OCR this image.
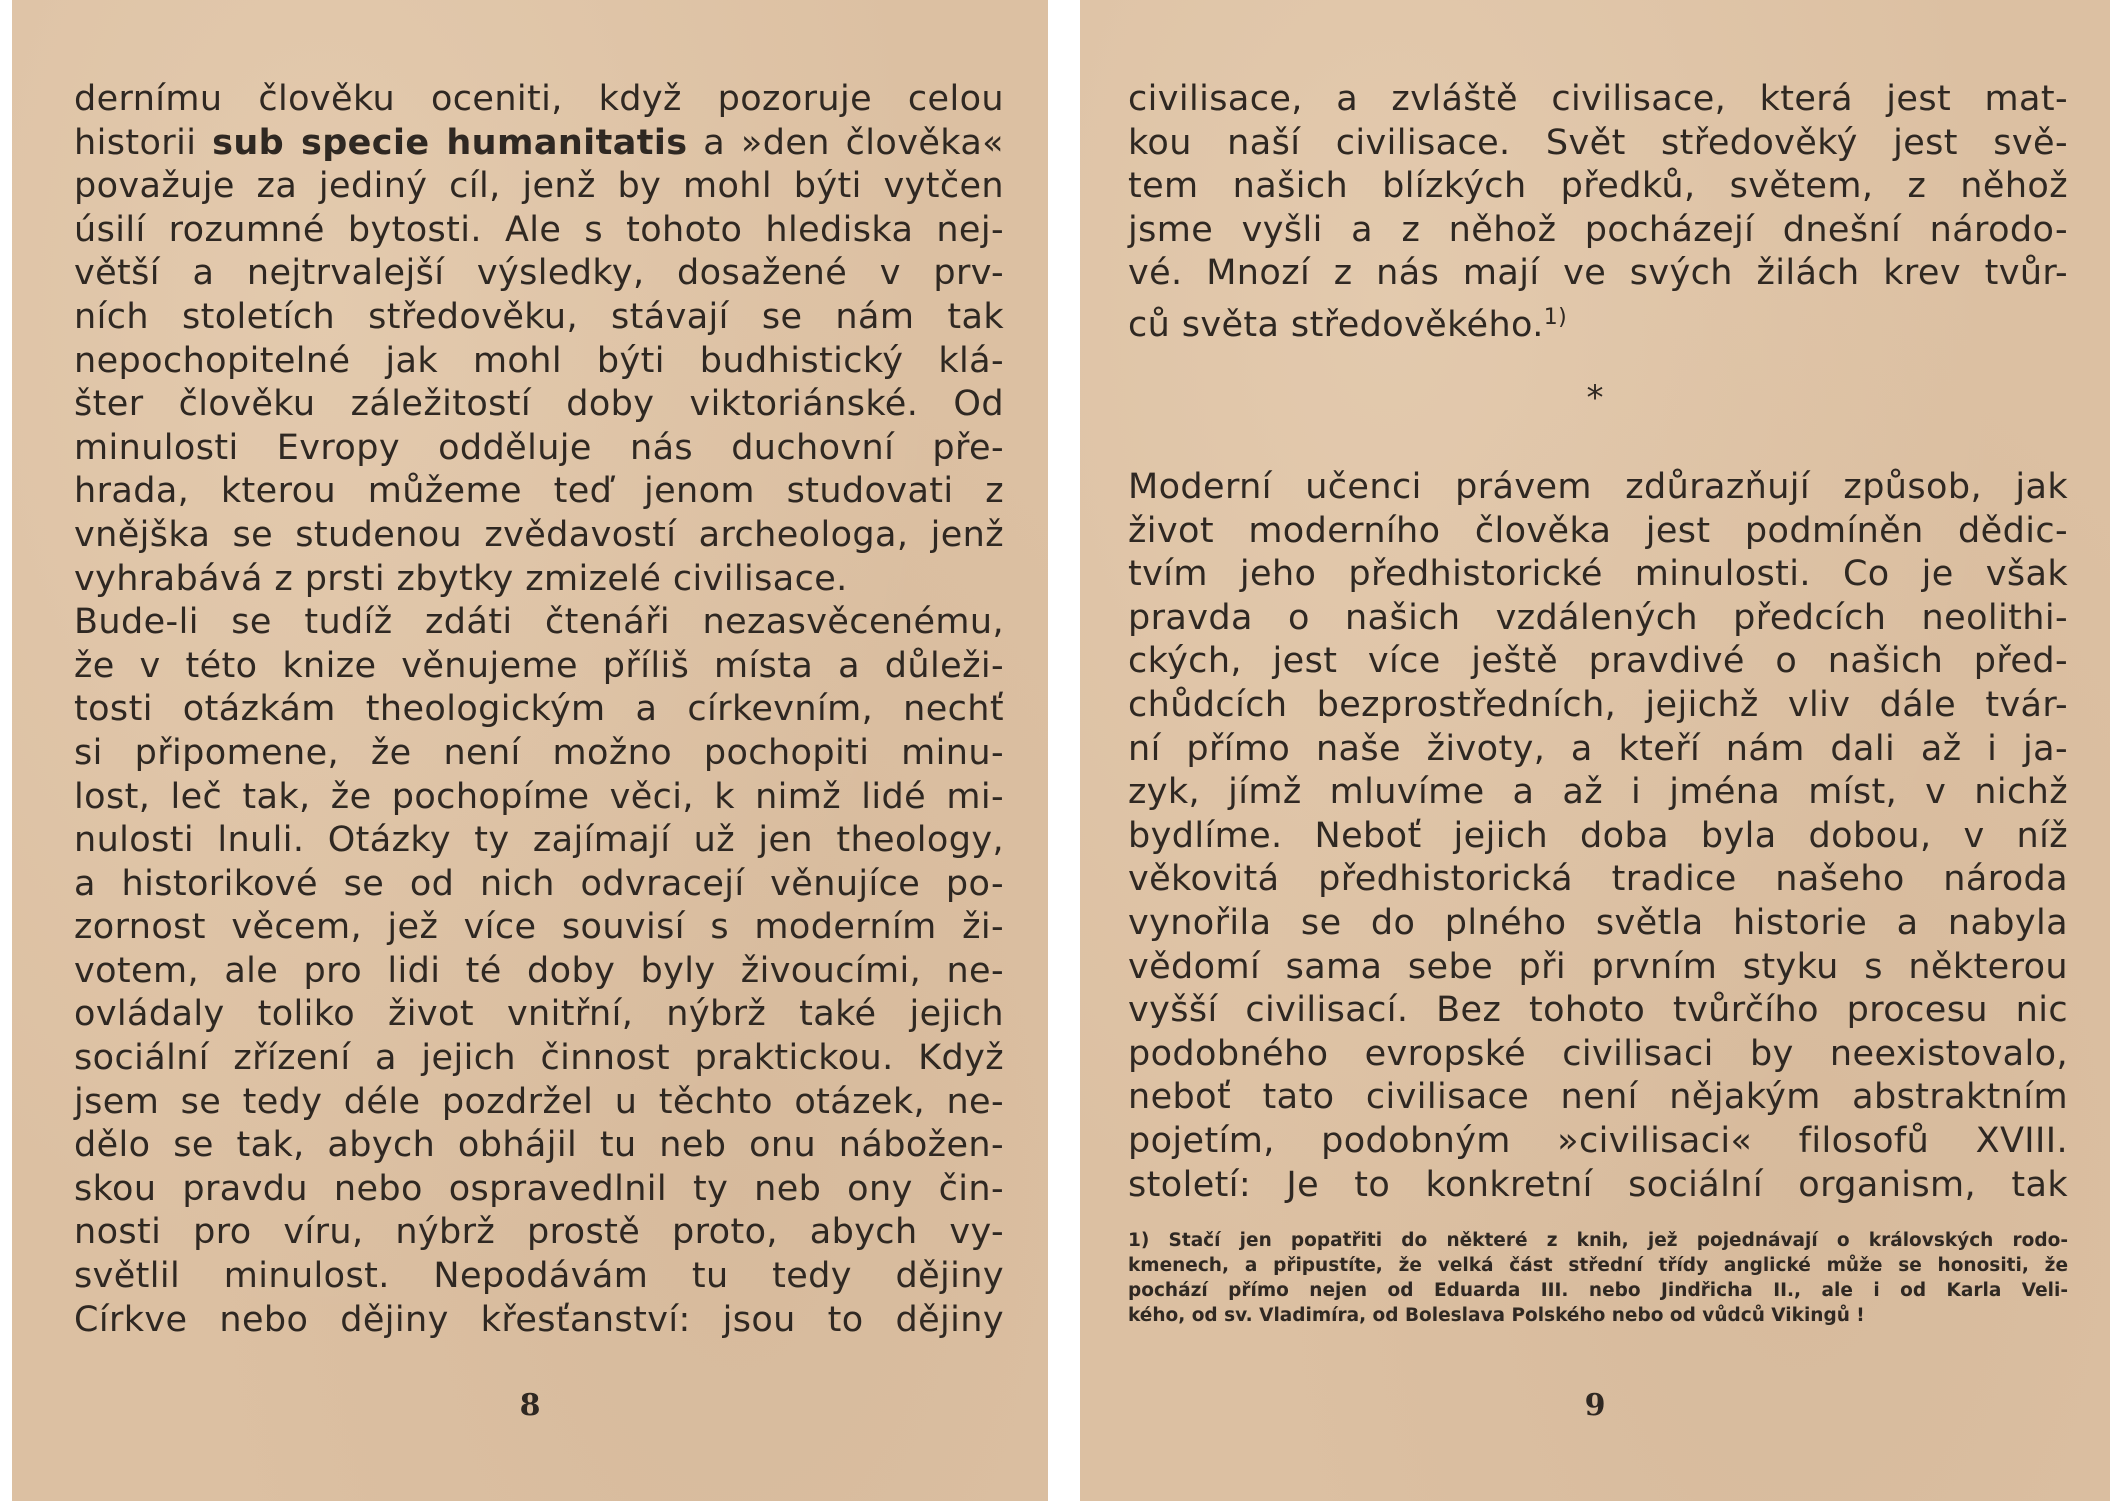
dernímu člověku oceniti, když pozoruje celou
historii sub specie humanitatis a »den člověka«
považuje za jediný cíl, jenž by mohl býti vytčen
úsilí rozumné bytosti. Ale s tohoto hlediska nej-
větší a nejtrvalejší výsledky, dosažené v prv-
ních stoletích středověku, stávají se nám tak
nepochopitelné jak mohl býti budhistický klá-
šter člověku záležitostí doby viktoriánské. Od
minulosti Evropy odděluje nás duchovní pře-
hrada, kterou můžeme teď jenom studovati z
vnějška se studenou zvědavostí archeologa, jenž
vyhrabává z prsti zbytky zmizelé civilisace.
Bude-li se tudíž zdáti čtenáři nezasvěcenému,
že v této knize věnujeme příliš místa a důleži-
tosti otázkám theologickým a církevním, nechť
si připomene, že není možno pochopiti minu-
lost, leč tak, že pochopíme věci, k nimž lidé mi-
nulosti lnuli. Otázky ty zajímají už jen theology,
a historikové se od nich odvracejí věnujíce po-
zornost věcem, jež více souvisí s moderním ži-
votem, ale pro lidi té doby byly živoucími, ne-
ovládaly toliko život vnitřní, nýbrž také jejich
sociální zřízení a jejich činnost praktickou. Když
jsem se tedy déle pozdržel u těchto otázek, ne-
dělo se tak, abych obhájil tu neb onu nábožen-
skou pravdu nebo ospravedlnil ty neb ony čin-
nosti pro víru, nýbrž prostě proto, abych vy-
světlil minulost. Nepodávám tu tedy dějiny
Církve nebo dějiny křesťanství: jsou to dějiny
8
civilisace, a zvláště civilisace, která jest mat-
kou naší civilisace. Svět středověký jest svě-
tem našich blízkých předků, světem, z něhož
jsme vyšli a z něhož pocházejí dnešní národo-
vé. Mnozí z nás mají ve svých žilách krev tvůr-
ců světa středověkého.$^{1)}$
*
Moderní učenci právem zdůrazňují způsob, jak
život moderního člověka jest podmíněn dědic-
tvím jeho předhistorické minulosti. Co je však
pravda o našich vzdálených předcích neolithi-
ckých, jest více ještě pravdivé o našich před-
chůdcích bezprostředních, jejichž vliv dále tvár-
ní přímo naše životy, a kteří nám dali až i ja-
zyk, jímž mluvíme a až i jména míst, v nichž
bydlíme. Neboť jejich doba byla dobou, v níž
věkovitá předhistorická tradice našeho národa
vynořila se do plného světla historie a nabyla
vědomí sama sebe při prvním styku s některou
vyšší civilisací. Bez tohoto tvůrčího procesu nic
podobného evropské civilisaci by neexistovalo,
neboť tato civilisace není nějakým abstraktním
pojetím, podobným »civilisaci« filosofů XVIII.
století: Je to konkretní sociální organism, tak
1) Stačí jen popatřiti do některé z knih, jež pojednávají o královských rodo-
kmenech, a připustíte, že velká část střední třídy anglické může se honositi, že
pochází přímo nejen od Eduarda III. nebo Jindřicha II., ale i od Karla Veli-
kého, od sv. Vladimíra, od Boleslava Polského nebo od vůdců Vikingů !
9
